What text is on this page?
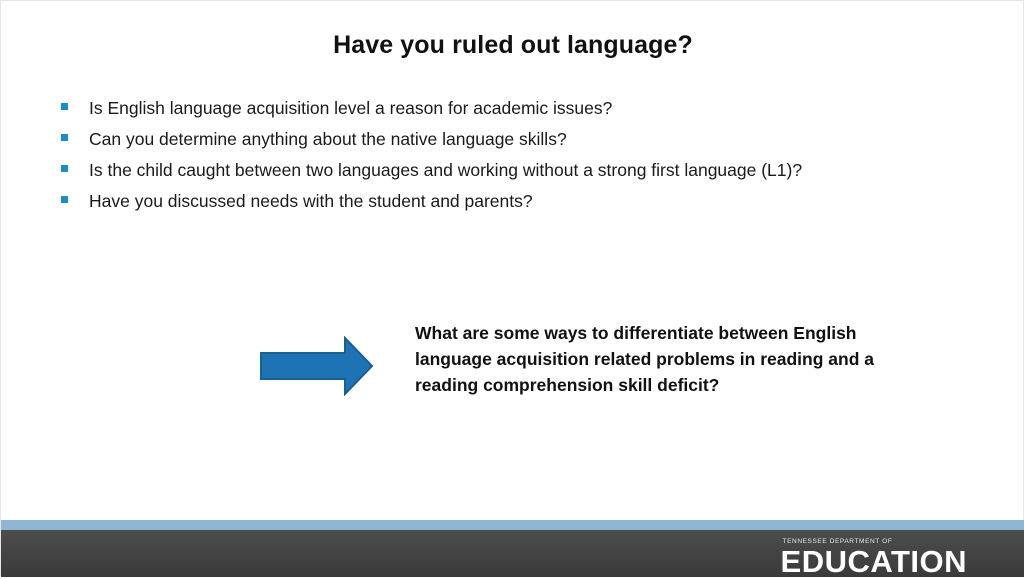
Have you ruled out language?
Is English language acquisition level a reason for academic issues?
Can you determine anything about the native language skills?
Is the child caught between two languages and working without a strong first language (L1)?
Have you discussed needs with the student and parents?
What are some ways to differentiate between English language acquisition related problems in reading and a reading comprehension skill deficit?
TENNESSEE DEPARTMENT OF
EDUCATION
